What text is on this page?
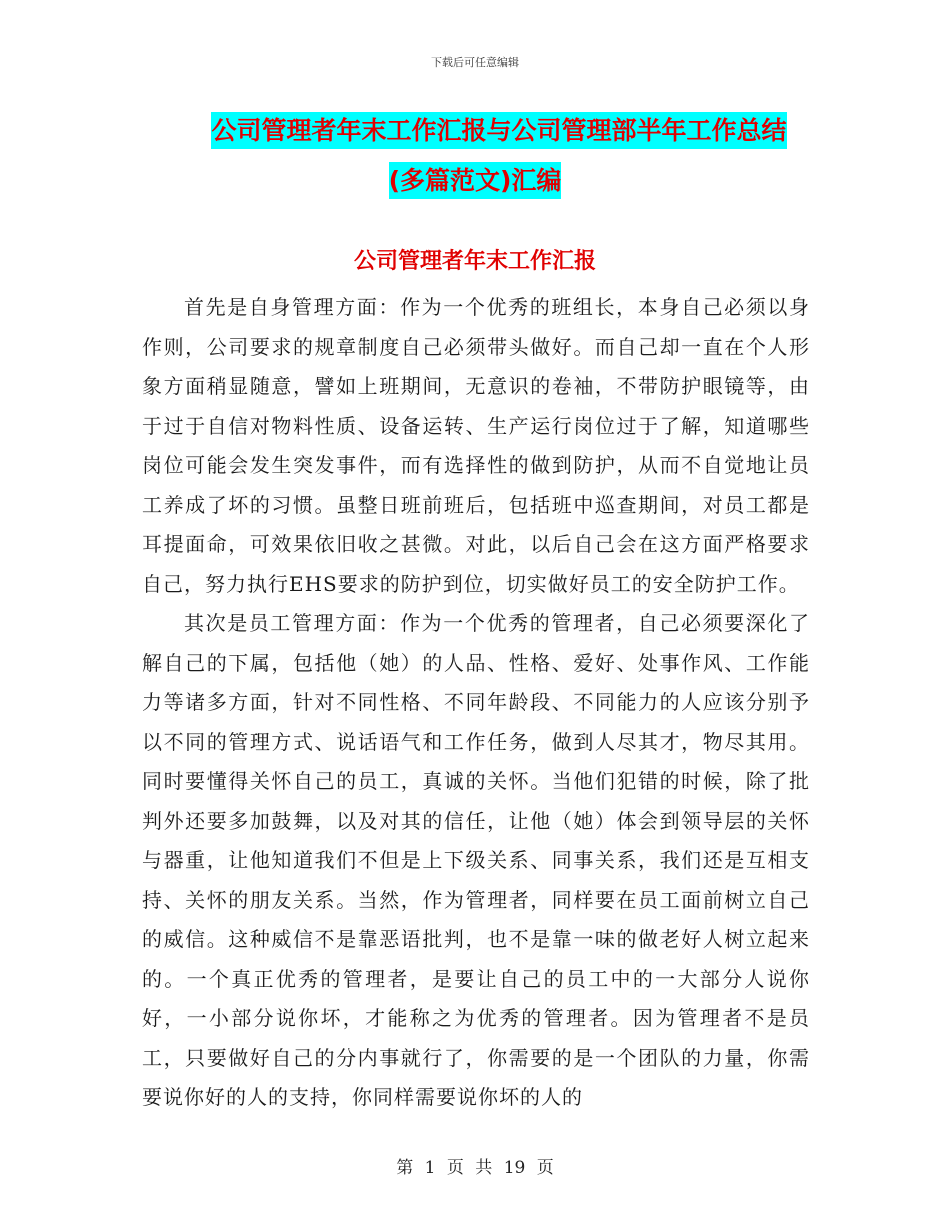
下载后可任意编辑
公司管理者年末工作汇报与公司管理部半年工作总结
(多篇范文)汇编
公司管理者年末工作汇报

首先是自身管理方面：作为一个优秀的班组长，本身自己必须以身作则，公司要求的规章制度自己必须带头做好。而自己却一直在个人形象方面稍显随意，譬如上班期间，无意识的卷袖，不带防护眼镜等，由于过于自信对物料性质、设备运转、生产运行岗位过于了解，知道哪些岗位可能会发生突发事件，而有选择性的做到防护，从而不自觉地让员工养成了坏的习惯。虽整日班前班后，包括班中巡查期间，对员工都是耳提面命，可效果依旧收之甚微。对此，以后自己会在这方面严格要求自己，努力执行EHS要求的防护到位，切实做好员工的安全防护工作。

其次是员工管理方面：作为一个优秀的管理者，自己必须要深化了解自己的下属，包括他（她）的人品、性格、爱好、处事作风、工作能力等诸多方面，针对不同性格、不同年龄段、不同能力的人应该分别予以不同的管理方式、说话语气和工作任务，做到人尽其才，物尽其用。同时要懂得关怀自己的员工，真诚的关怀。当他们犯错的时候，除了批判外还要多加鼓舞，以及对其的信任，让他（她）体会到领导层的关怀与器重，让他知道我们不但是上下级关系、同事关系，我们还是互相支持、关怀的朋友关系。当然，作为管理者，同样要在员工面前树立自己的威信。这种威信不是靠恶语批判，也不是靠一味的做老好人树立起来的。一个真正优秀的管理者，是要让自己的员工中的一大部分人说你好，一小部分说你坏，才能称之为优秀的管理者。因为管理者不是员工，只要做好自己的分内事就行了，你需要的是一个团队的力量，你需要说你好的人的支持，你同样需要说你坏的人的

第 1 页 共 19 页
